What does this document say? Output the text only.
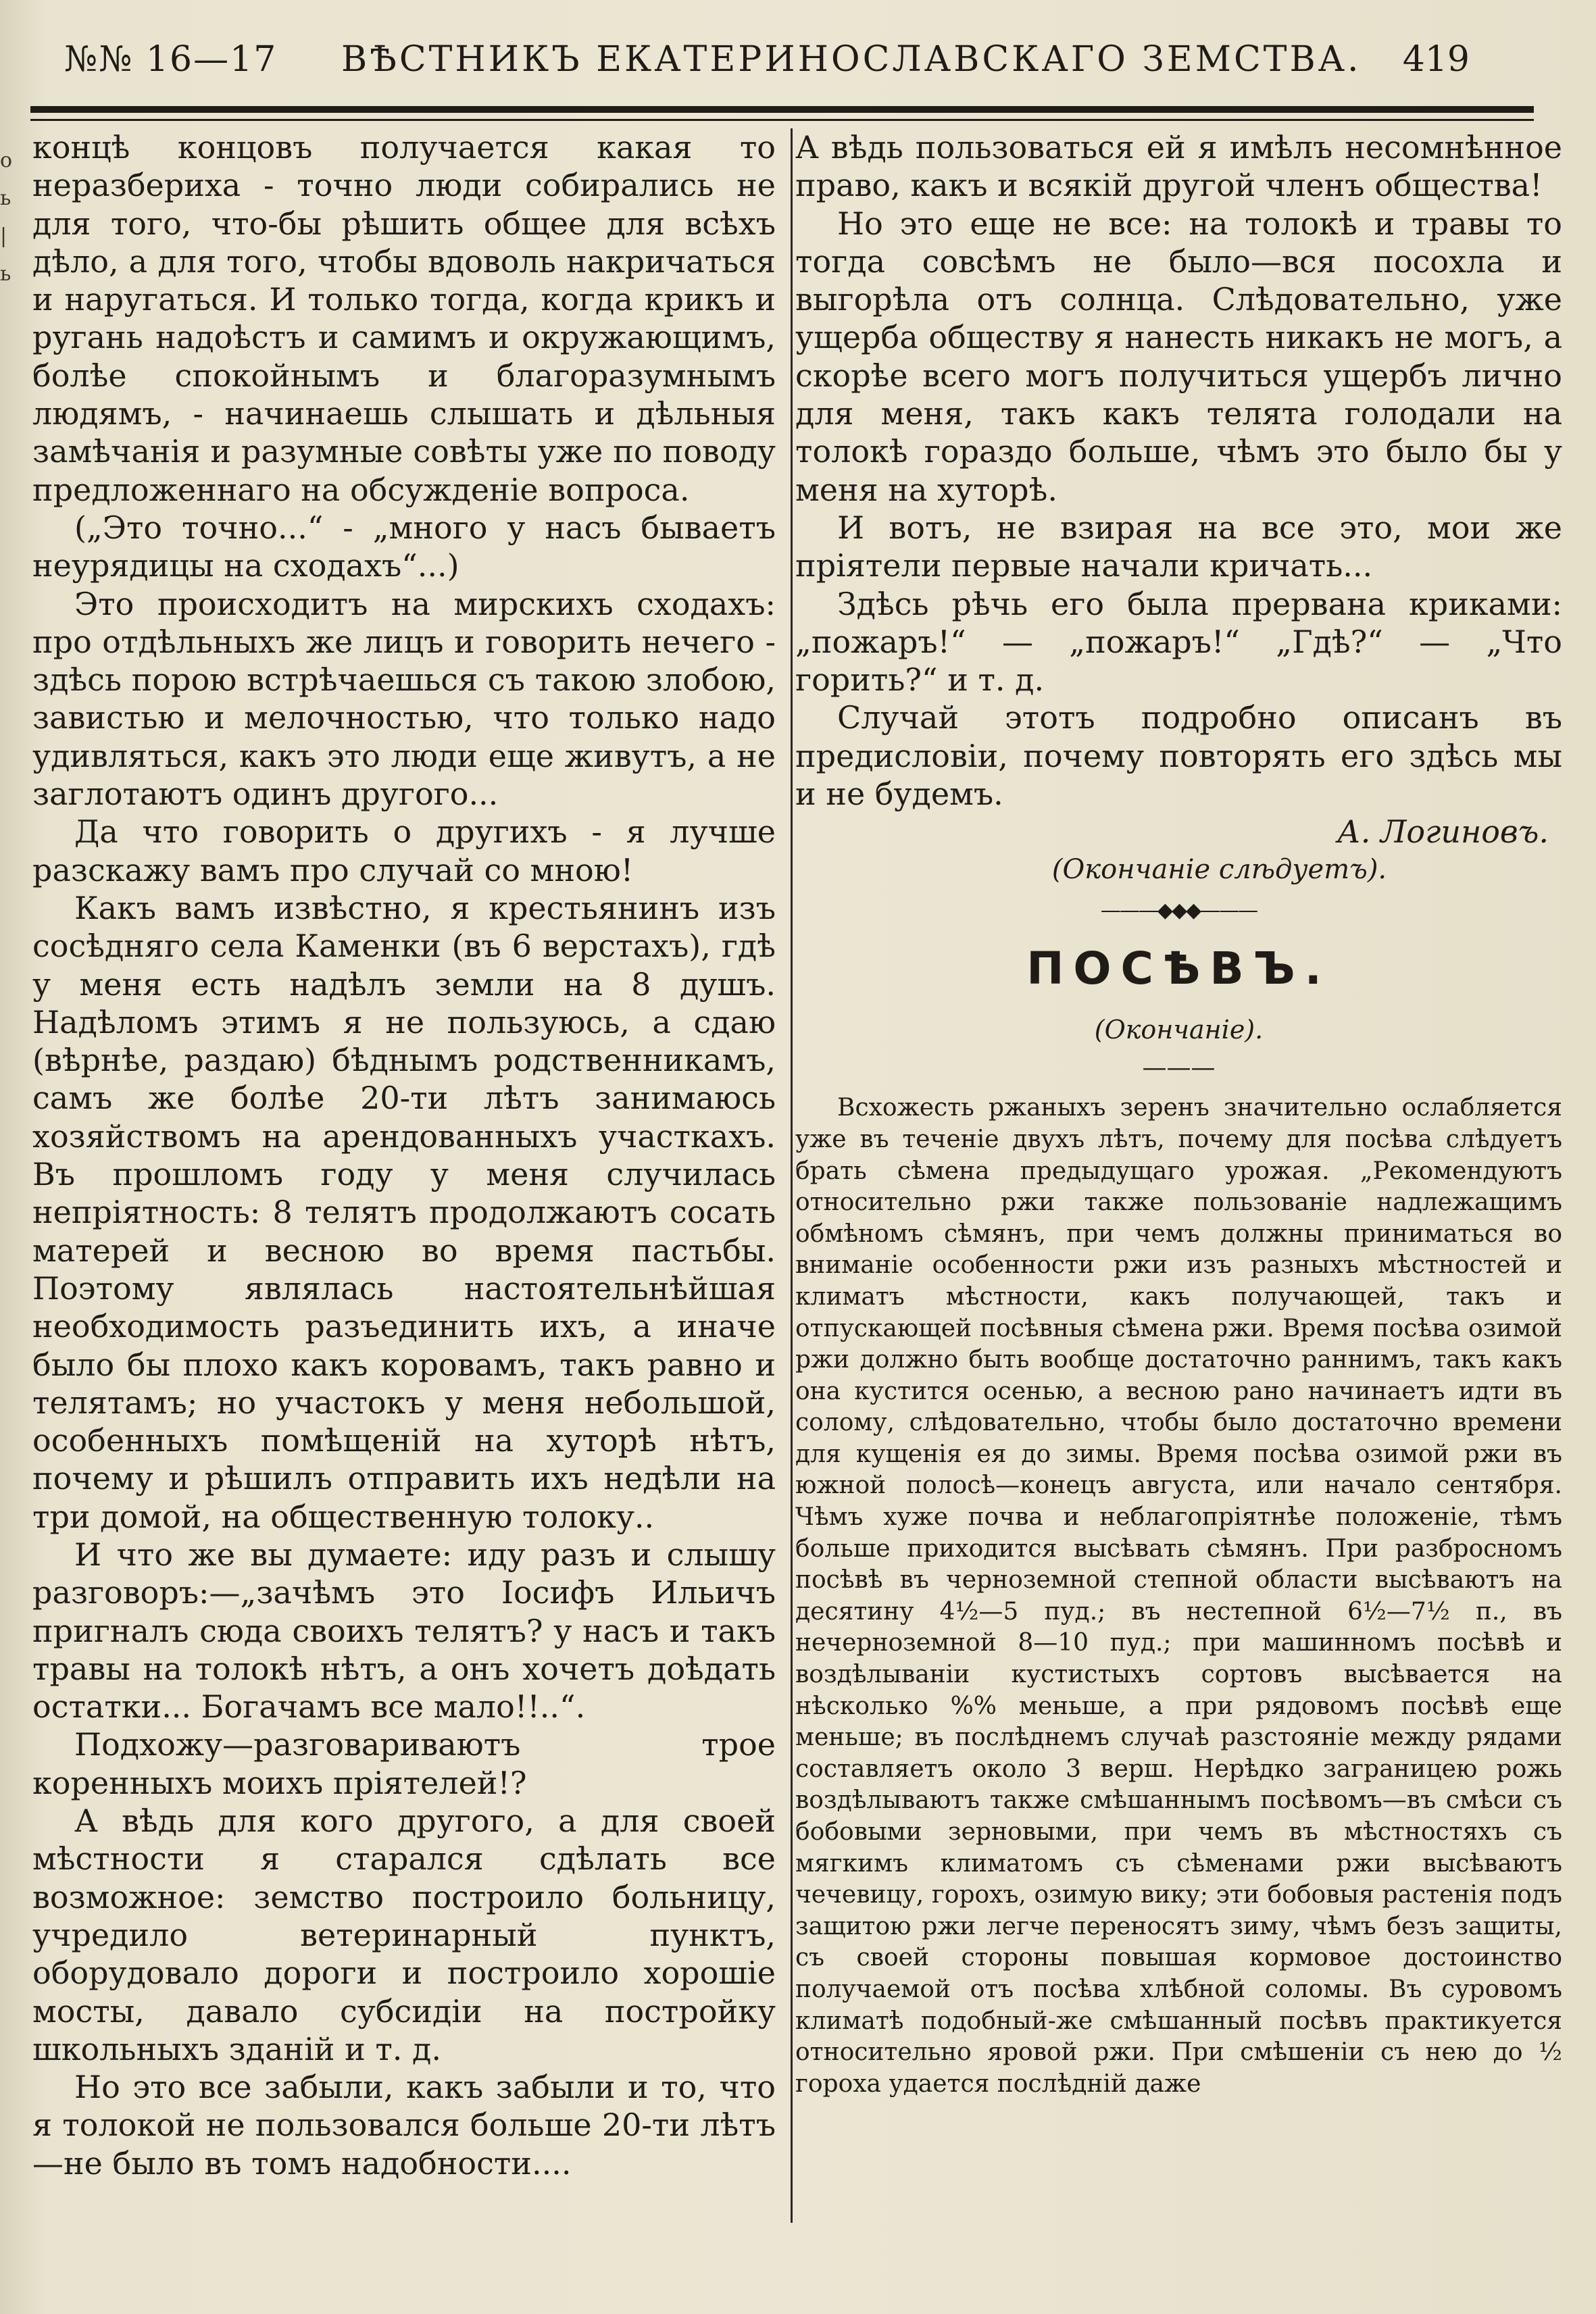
о
ь
|
ь
№№ 16—17 ВѢСТНИКЪ ЕКАТЕРИНОСЛАВСКАГО ЗЕМСТВА. 419

концѣ концовъ получается какая то неразбериха - точно люди собирались не для того, что-бы рѣшить общее для всѣхъ дѣло, а для того, чтобы вдоволь накричаться и наругаться. И только тогда, когда крикъ и ругань надоѣстъ и самимъ и окружающимъ, болѣе спокойнымъ и благоразумнымъ людямъ, - начинаешь слышать и дѣльныя замѣчанія и разумные совѣты уже по поводу предложеннаго на обсужденіе вопроса.

(„Это точно...“ - „много у насъ бываетъ неурядицы на сходахъ“...)

Это происходитъ на мирскихъ сходахъ: про отдѣльныхъ же лицъ и говорить нечего - здѣсь порою встрѣчаешься съ такою злобою, завистью и мелочностью, что только надо удивляться, какъ это люди еще живутъ, а не заглотаютъ одинъ другого...

Да что говорить о другихъ - я лучше разскажу вамъ про случай со мною!

Какъ вамъ извѣстно, я крестьянинъ изъ сосѣдняго села Каменки (въ 6 верстахъ), гдѣ у меня есть надѣлъ земли на 8 душъ. Надѣломъ этимъ я не пользуюсь, а сдаю (вѣрнѣе, раздаю) бѣднымъ родственникамъ, самъ же болѣе 20-ти лѣтъ занимаюсь хозяйствомъ на арендованныхъ участкахъ. Въ прошломъ году у меня случилась непріятность: 8 телятъ продолжаютъ сосать матерей и весною во время пастьбы. Поэтому являлась настоятельнѣйшая необходимость разъединить ихъ, а иначе было бы плохо какъ коровамъ, такъ равно и телятамъ; но участокъ у меня небольшой, особенныхъ помѣщеній на хуторѣ нѣтъ, почему и рѣшилъ отправить ихъ недѣли на три домой, на общественную толоку..

И что же вы думаете: иду разъ и слышу разговоръ:—„зачѣмъ это Іосифъ Ильичъ пригналъ сюда своихъ телятъ? у насъ и такъ травы на толокѣ нѣтъ, а онъ хочетъ доѣдать остатки... Богачамъ все мало!!..“.

Подхожу—разговариваютъ трое коренныхъ моихъ пріятелей!?

А вѣдь для кого другого, а для своей мѣстности я старался сдѣлать все возможное: земство построило больницу, учредило ветеринарный пунктъ, оборудовало дороги и построило хорошіе мосты, давало субсидіи на постройку школьныхъ зданій и т. д.

Но это все забыли, какъ забыли и то, что я толокой не пользовался больше 20-ти лѣтъ—не было въ томъ надобности....

А вѣдь пользоваться ей я имѣлъ несомнѣнное право, какъ и всякій другой членъ общества!

Но это еще не все: на толокѣ и травы то тогда совсѣмъ не было—вся посохла и выгорѣла отъ солнца. Слѣдовательно, уже ущерба обществу я нанесть никакъ не могъ, а скорѣе всего могъ получиться ущербъ лично для меня, такъ какъ телята голодали на толокѣ гораздо больше, чѣмъ это было бы у меня на хуторѣ.

И вотъ, не взирая на все это, мои же пріятели первые начали кричать...

Здѣсь рѣчь его была прервана криками: „пожаръ!“ — „пожаръ!“ „Гдѣ?“ — „Что горить?“ и т. д.

Случай этотъ подробно описанъ въ предисловіи, почему повторять его здѣсь мы и не будемъ.

А. Логиновъ.
(Окончаніе слѣдуетъ).
———◆◆◆———
ПОСѢВЪ.
(Окончаніе).
———

Всхожесть ржаныхъ зеренъ значительно ослабляется уже въ теченіе двухъ лѣтъ, почему для посѣва слѣдуетъ брать сѣмена предыдущаго урожая. „Рекомендуютъ относительно ржи также пользованіе надлежащимъ обмѣномъ сѣмянъ, при чемъ должны приниматься во вниманіе особенности ржи изъ разныхъ мѣстностей и климатъ мѣстности, какъ получающей, такъ и отпускающей посѣвныя сѣмена ржи. Время посѣва озимой ржи должно быть вообще достаточно раннимъ, такъ какъ она кустится осенью, а весною рано начинаетъ идти въ солому, слѣдовательно, чтобы было достаточно времени для кущенія ея до зимы. Время посѣва озимой ржи въ южной полосѣ—конецъ августа, или начало сентября. Чѣмъ хуже почва и неблагопріятнѣе положеніе, тѣмъ больше приходится высѣвать сѣмянъ. При разбросномъ посѣвѣ въ черноземной степной области высѣваютъ на десятину 4½—5 пуд.; въ нестепной 6½—7½ п., въ нечерноземной 8—10 пуд.; при машинномъ посѣвѣ и воздѣлываніи кустистыхъ сортовъ высѣвается на нѣсколько %% меньше, а при рядовомъ посѣвѣ еще меньше; въ послѣднемъ случаѣ разстояніе между рядами составляетъ около 3 верш. Нерѣдко заграницею рожь воздѣлываютъ также смѣшаннымъ посѣвомъ—въ смѣси съ бобовыми зерновыми, при чемъ въ мѣстностяхъ съ мягкимъ климатомъ съ сѣменами ржи высѣваютъ чечевицу, горохъ, озимую вику; эти бобовыя растенія подъ защитою ржи легче переносятъ зиму, чѣмъ безъ защиты, съ своей стороны повышая кормовое достоинство получаемой отъ посѣва хлѣбной соломы. Въ суровомъ климатѣ подобный-же смѣшанный посѣвъ практикуется относительно яровой ржи. При смѣшеніи съ нею до ½ гороха удается послѣдній даже
